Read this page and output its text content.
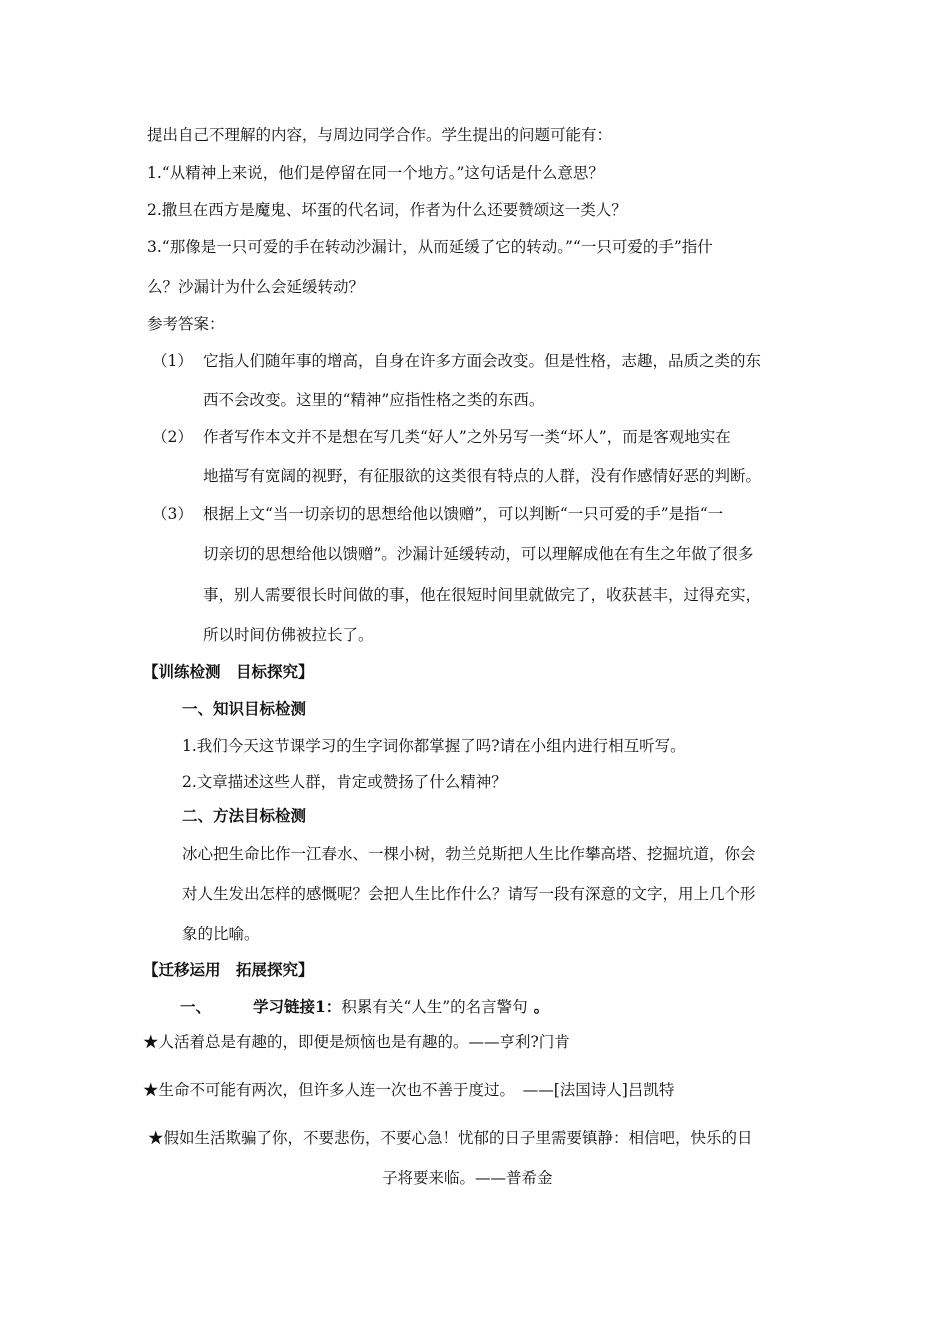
提出自己不理解的内容，与周边同学合作。学生提出的问题可能有：
1.“从精神上来说，他们是停留在同一个地方。”这句话是什么意思？
2.撒旦在西方是魔鬼、坏蛋的代名词，作者为什么还要赞颂这一类人？
3.“那像是一只可爱的手在转动沙漏计，从而延缓了它的转动。”“一只可爱的手”指什
么？沙漏计为什么会延缓转动？
参考答案：
（1） 它指人们随年事的增高，自身在许多方面会改变。但是性格，志趣，品质之类的东
西不会改变。这里的“精神”应指性格之类的东西。
（2） 作者写作本文并不是想在写几类“好人”之外另写一类“坏人”，而是客观地实在
地描写有宽阔的视野，有征服欲的这类很有特点的人群，没有作感情好恶的判断。
（3） 根据上文“当一切亲切的思想给他以馈赠”，可以判断“一只可爱的手”是指“一
切亲切的思想给他以馈赠”。沙漏计延缓转动，可以理解成他在有生之年做了很多
事，别人需要很长时间做的事，他在很短时间里就做完了，收获甚丰，过得充实，
所以时间仿佛被拉长了。
【训练检测　目标探究】
一、知识目标检测
1.我们今天这节课学习的生字词你都掌握了吗?请在小组内进行相互听写。
2.文章描述这些人群，肯定或赞扬了什么精神？
二、方法目标检测
冰心把生命比作一江春水、一棵小树，勃兰兑斯把人生比作攀高塔、挖掘坑道，你会
对人生发出怎样的感慨呢？会把人生比作什么？请写一段有深意的文字，用上几个形
象的比喻。
【迁移运用　拓展探究】
一、	学习链接1：积累有关“人生”的名言警句 。
★人活着总是有趣的，即便是烦恼也是有趣的。——亨利?门肯
★生命不可能有两次，但许多人连一次也不善于度过。　——[法国诗人]吕凯特
★假如生活欺骗了你，不要悲伤，不要心急！忧郁的日子里需要镇静：相信吧，快乐的日
子将要来临。——普希金
